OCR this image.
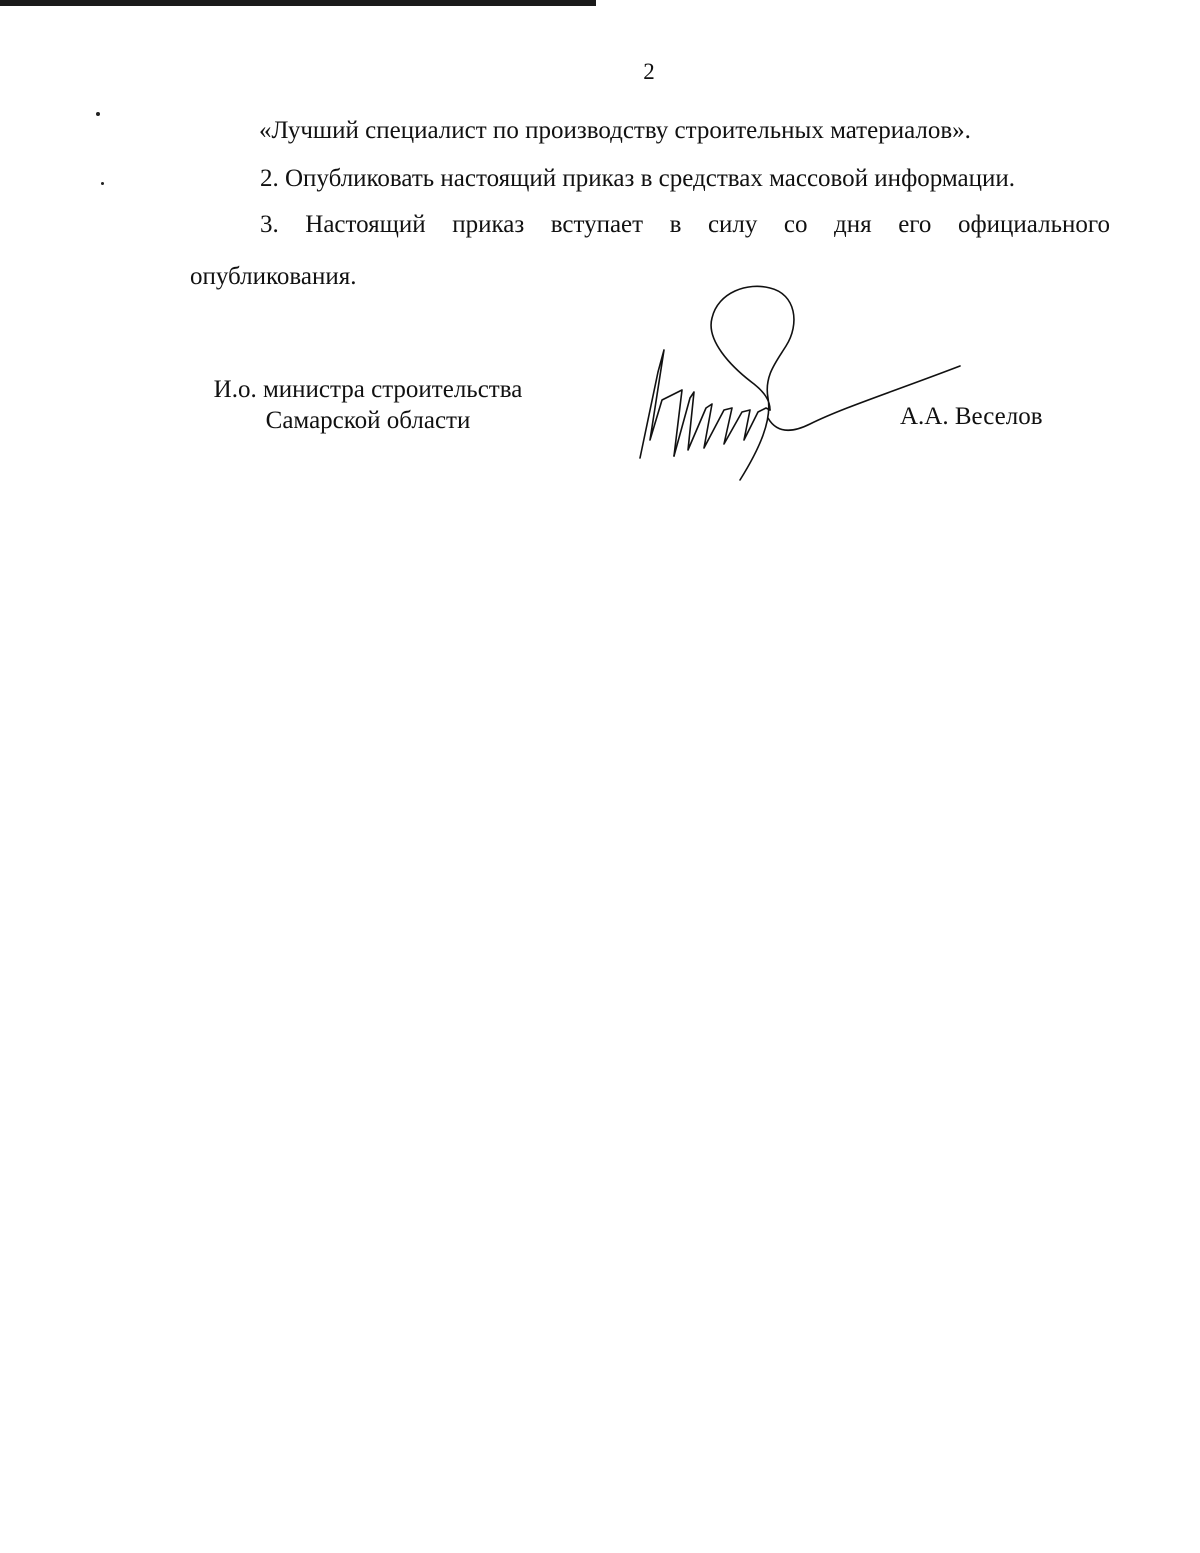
2
«Лучший специалист по производству строительных материалов».
2. Опубликовать настоящий приказ в средствах массовой информации.
3. Настоящий приказ вступает в силу со дня его официального
опубликования.
И.о. министра строительства
Самарской области	А.А. Веселов
